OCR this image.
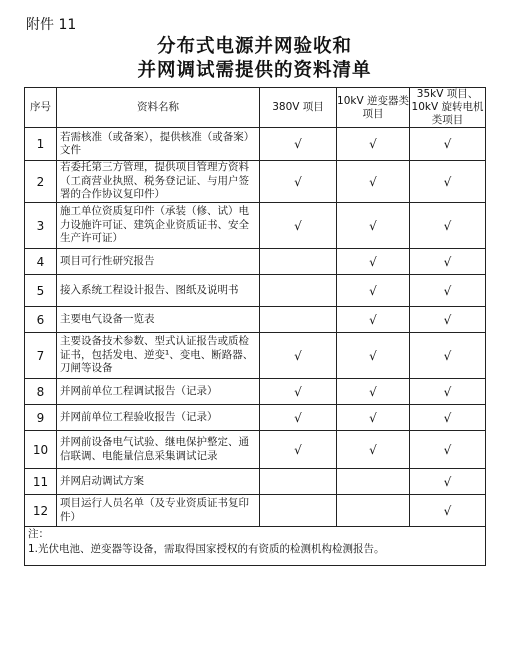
附件 11
分布式电源并网验收和
并网调试需提供的资料清单
序号	资料名称	380V 项目	10kV 逆变器类项目	35kV 项目、10kV 旋转电机类项目
1	若需核准（或备案），提供核准（或备案）文件	√	√	√
2	若委托第三方管理，提供项目管理方资料（工商营业执照、税务登记证、与用户签署的合作协议复印件）	√	√	√
3	施工单位资质复印件（承装（修、试）电力设施许可证、建筑企业资质证书、安全生产许可证）	√	√	√
4	项目可行性研究报告		√	√
5	接入系统工程设计报告、图纸及说明书		√	√
6	主要电气设备一览表		√	√
7	主要设备技术参数、型式认证报告或质检证书，包括发电、逆变¹、变电、断路器、刀闸等设备	√	√	√
8	并网前单位工程调试报告（记录）	√	√	√
9	并网前单位工程验收报告（记录）	√	√	√
10	并网前设备电气试验、继电保护整定、通信联调、电能量信息采集调试记录	√	√	√
11	并网启动调试方案			√
12	项目运行人员名单（及专业资质证书复印件）			√

注：
1.光伏电池、逆变器等设备，需取得国家授权的有资质的检测机构检测报告。				
